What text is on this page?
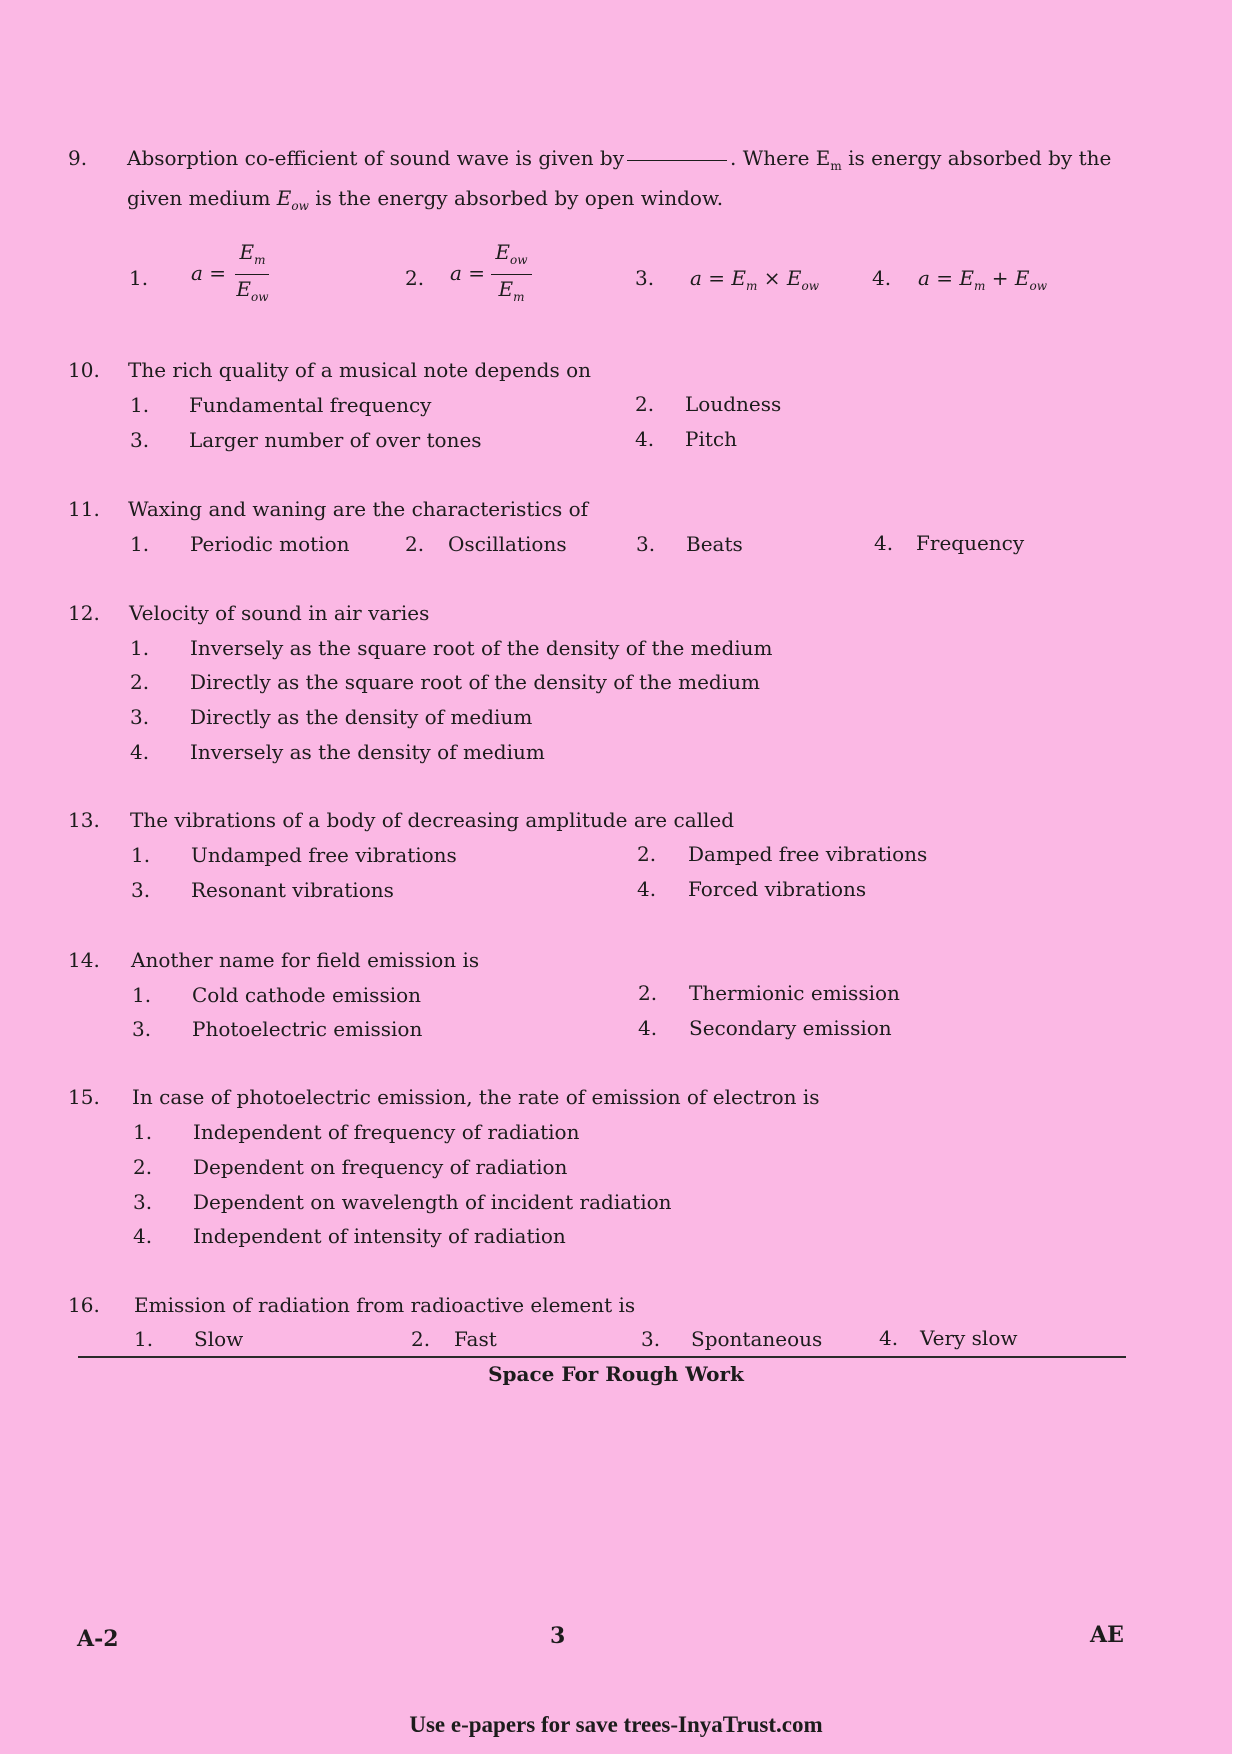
9. Absorption co-efficient of sound wave is given by	. Where $E_m$ is energy absorbed by the
given medium $E_{ow}$ is the energy absorbed by open window.
1. $a = \frac{E_m}{E_{ow}}$	2. $a = \frac{E_{ow}}{E_m}$	3. $a = E_m \times E_{ow}$	4. $a = E_m + E_{ow}$
10. The rich quality of a musical note depends on
1. Fundamental frequency	2. Loudness
3. Larger number of over tones	4. Pitch
11. Waxing and waning are the characteristics of
1. Periodic motion	2. Oscillations	3. Beats	4. Frequency
12. Velocity of sound in air varies
1. Inversely as the square root of the density of the medium
2. Directly as the square root of the density of the medium
3. Directly as the density of medium
4. Inversely as the density of medium
13. The vibrations of a body of decreasing amplitude are called
1. Undamped free vibrations	2. Damped free vibrations
3. Resonant vibrations	4. Forced vibrations
14. Another name for field emission is
1. Cold cathode emission	2. Thermionic emission
3. Photoelectric emission	4. Secondary emission
15. In case of photoelectric emission, the rate of emission of electron is
1. Independent of frequency of radiation
2. Dependent on frequency of radiation
3. Dependent on wavelength of incident radiation
4. Independent of intensity of radiation
16. Emission of radiation from radioactive element is
1. Slow	2. Fast	3. Spontaneous	4. Very slow
Space For Rough Work
A-2	3	AE
Use e-papers for save trees-InyaTrust.com
